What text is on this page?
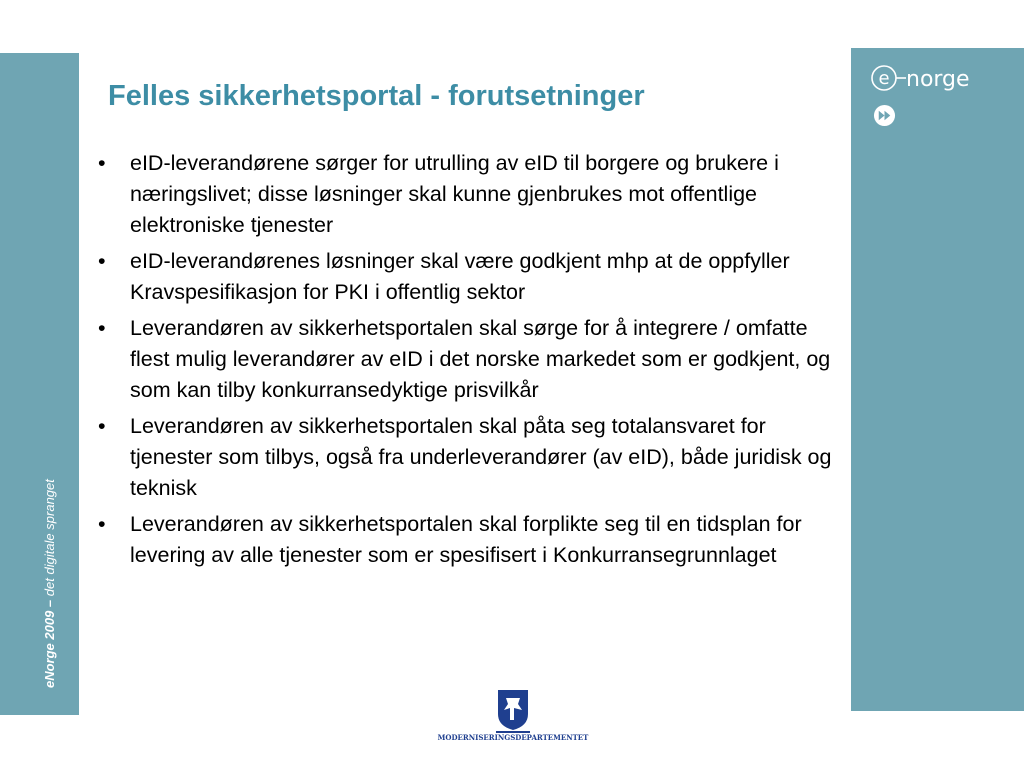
eNorge 2009 – det digitale spranget
e norge
Felles sikkerhetsportal - forutsetninger
• eID-leverandørene sørger for utrulling av eID til borgere og brukere i næringslivet; disse løsninger skal kunne gjenbrukes mot offentlige elektroniske tjenester
• eID-leverandørenes løsninger skal være godkjent mhp at de oppfyller Kravspesifikasjon for PKI i offentlig sektor
• Leverandøren av sikkerhetsportalen skal sørge for å integrere / omfatte flest mulig leverandører av eID i det norske markedet som er godkjent, og som kan tilby konkurransedyktige prisvilkår
• Leverandøren av sikkerhetsportalen skal påta seg totalansvaret for tjenester som tilbys, også fra underleverandører (av eID), både juridisk og teknisk
• Leverandøren av sikkerhetsportalen skal forplikte seg til en tidsplan for levering av alle tjenester som er spesifisert i Konkurransegrunnlaget
MODERNISERINGSDEPARTEMENTET
